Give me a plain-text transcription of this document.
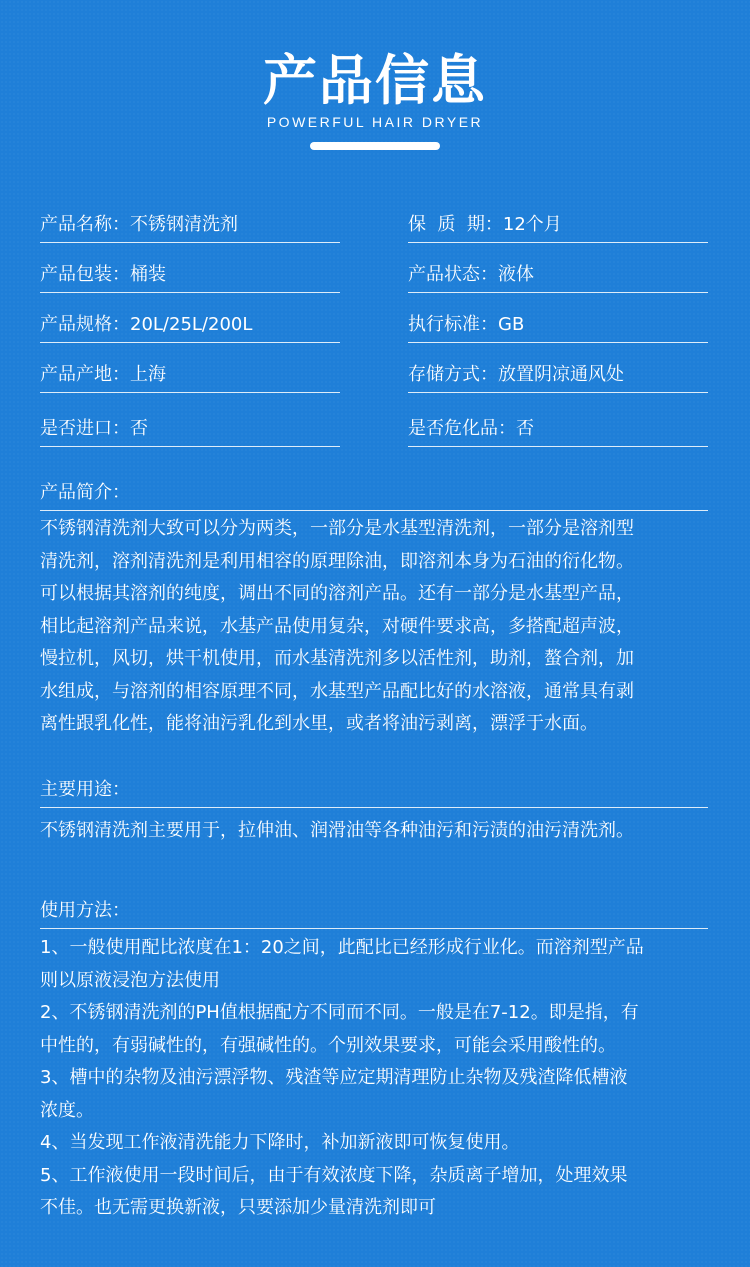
产品信息
POWERFUL HAIR DRYER
产品名称：不锈钢清洗剂
产品包装：桶装
产品规格：20L/25L/200L
产品产地：上海
是否进口：否
保  质  期：12个月
产品状态：液体
执行标准：GB
存储方式：放置阴凉通风处
是否危化品：否
产品简介：
不锈钢清洗剂大致可以分为两类，一部分是水基型清洗剂，一部分是溶剂型
清洗剂，溶剂清洗剂是利用相容的原理除油，即溶剂本身为石油的衍化物。
可以根据其溶剂的纯度，调出不同的溶剂产品。还有一部分是水基型产品，
相比起溶剂产品来说，水基产品使用复杂，对硬件要求高，多搭配超声波，
慢拉机，风切，烘干机使用，而水基清洗剂多以活性剂，助剂，螯合剂，加
水组成，与溶剂的相容原理不同，水基型产品配比好的水溶液，通常具有剥
离性跟乳化性，能将油污乳化到水里，或者将油污剥离，漂浮于水面。
主要用途：
不锈钢清洗剂主要用于，拉伸油、润滑油等各种油污和污渍的油污清洗剂。
使用方法：
1、一般使用配比浓度在1：20之间，此配比已经形成行业化。而溶剂型产品
则以原液浸泡方法使用
2、不锈钢清洗剂的PH值根据配方不同而不同。一般是在7-12。即是指，有
中性的，有弱碱性的，有强碱性的。个别效果要求，可能会采用酸性的。
3、槽中的杂物及油污漂浮物、残渣等应定期清理防止杂物及残渣降低槽液
浓度。
4、当发现工作液清洗能力下降时，补加新液即可恢复使用。
5、工作液使用一段时间后，由于有效浓度下降，杂质离子增加，处理效果
不佳。也无需更换新液，只要添加少量清洗剂即可
